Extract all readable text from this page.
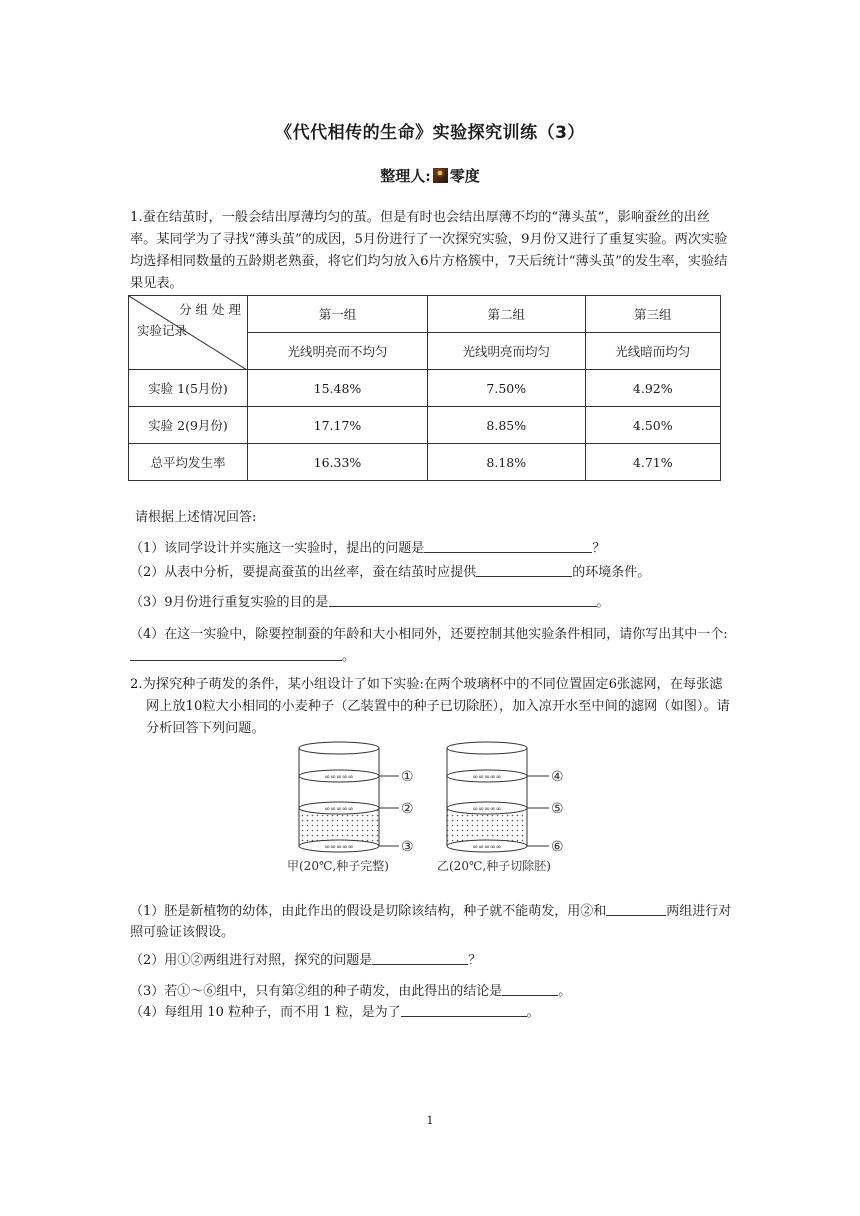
《代代相传的生命》实验探究训练（3）
整理人: 零度
1.蚕在结茧时，一般会结出厚薄均匀的茧。但是有时也会结出厚薄不均的“薄头茧”，影响蚕丝的出丝率。某同学为了寻找“薄头茧”的成因，5月份进行了一次探究实验，9月份又进行了重复实验。两次实验均选择相同数量的五龄期老熟蚕，将它们均匀放入6片方格簇中，7天后统计“薄头茧”的发生率，实验结果见表。
分 组 处 理
实验记录	第一组	第二组	第三组
	光线明亮而不均匀	光线明亮而均匀	光线暗而均匀
实验 1(5月份)	15.48%	7.50%	4.92%
实验 2(9月份)	17.17%	8.85%	4.50%
总平均发生率	16.33%	8.18%	4.71%
请根据上述情况回答:
（1）该同学设计并实施这一实验时，提出的问题是	？
（2）从表中分析，要提高蚕茧的出丝率，蚕在结茧时应提供	的环境条件。
（3）9月份进行重复实验的目的是	。
（4）在这一实验中，除要控制蚕的年龄和大小相同外，还要控制其他实验条件相同，请你写出其中一个:。
2.为探究种子萌发的条件，某小组设计了如下实验:在两个玻璃杯中的不同位置固定6张滤网，在每张滤网上放10粒大小相同的小麦种子（乙装置中的种子已切除胚），加入凉开水至中间的滤网（如图）。请分析回答下列问题。
∞∞∞∞∞
∞∞∞∞∞
∞∞∞∞∞
∞∞∞∞∞
∞∞∞∞∞
∞∞∞∞∞
①
②
③
④
⑤
⑥
甲(20℃,种子完整)	乙(20℃,种子切除胚)
（1）胚是新植物的幼体，由此作出的假设是切除该结构，种子就不能萌发，用②和	两组进行对照可验证该假设。
（2）用①②两组进行对照，探究的问题是	？
（3）若①～⑥组中，只有第②组的种子萌发，由此得出的结论是	。
（4）每组用 10 粒种子，而不用 1 粒，是为了	。
1
